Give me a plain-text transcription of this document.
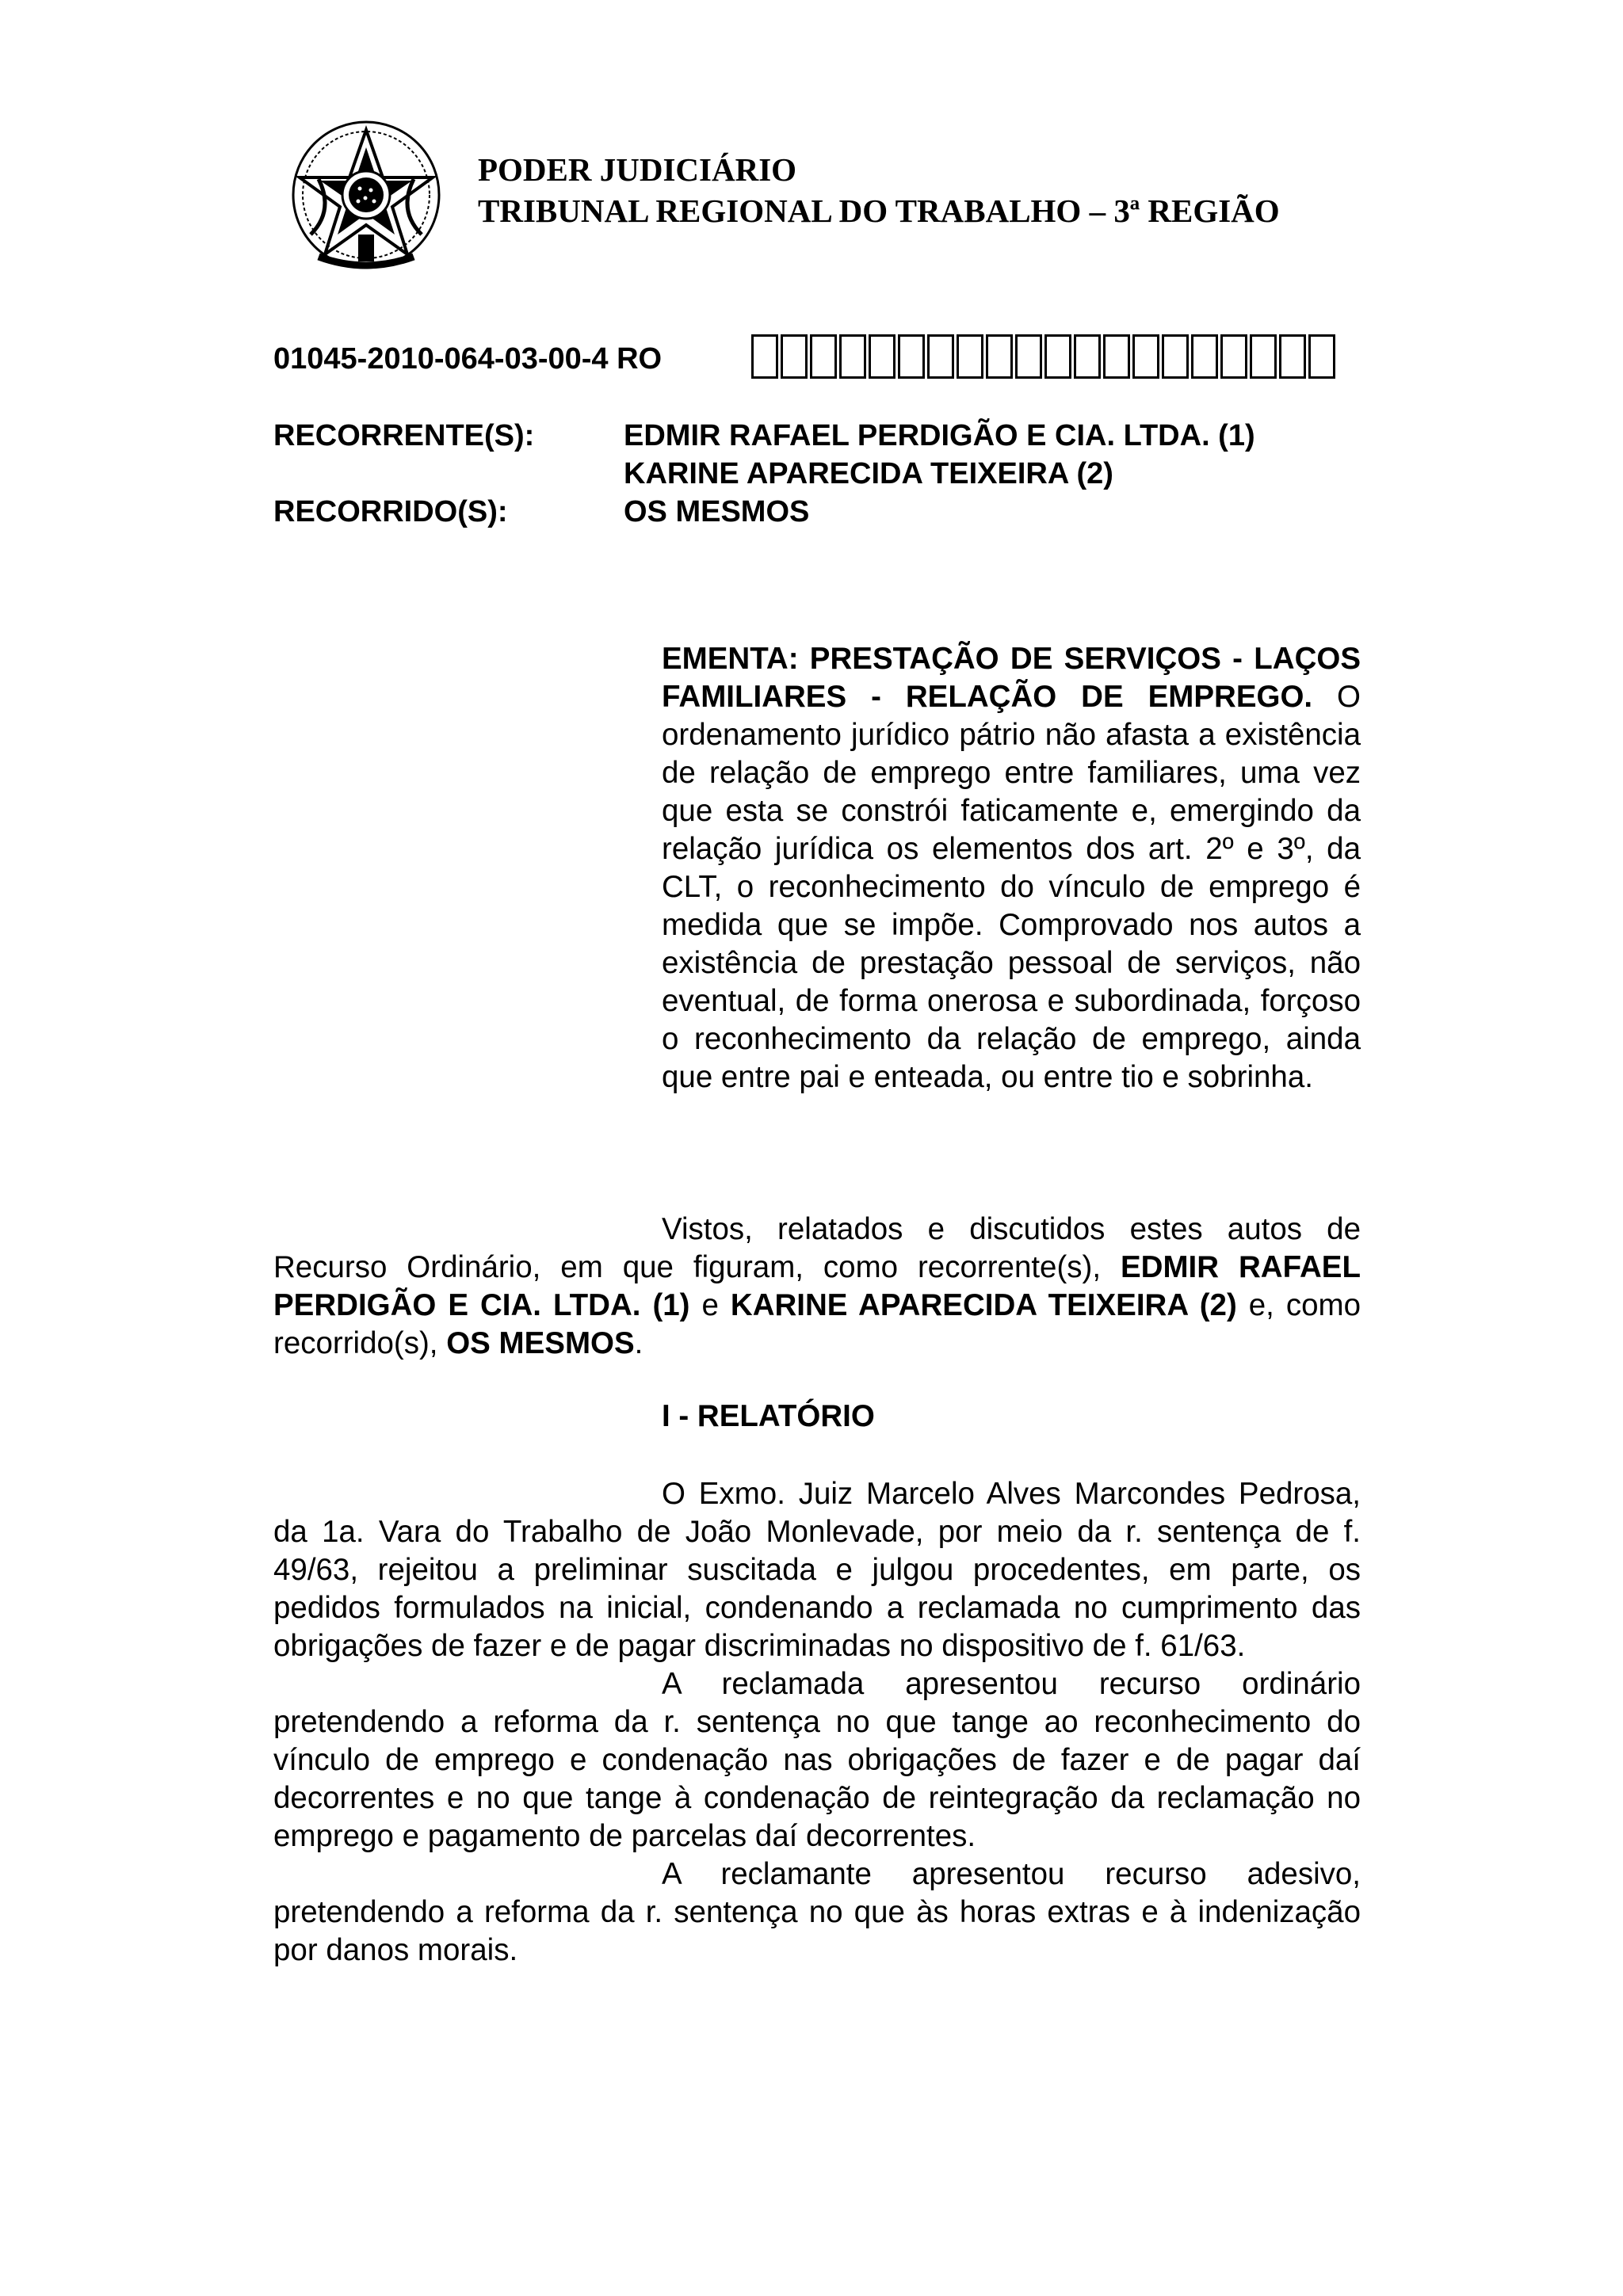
PODER JUDICIÁRIO
TRIBUNAL REGIONAL DO TRABALHO – 3ª REGIÃO
01045-2010-064-03-00-4 RO
RECORRENTE(S):	EDMIR RAFAEL PERDIGÃO E CIA. LTDA. (1)
KARINE APARECIDA TEIXEIRA (2)
RECORRIDO(S):	OS MESMOS
EMENTA: PRESTAÇÃO DE SERVIÇOS - LAÇOS FAMILIARES - RELAÇÃO DE EMPREGO. O ordenamento jurídico pátrio não afasta a existência de relação de emprego entre familiares, uma vez que esta se constrói faticamente e, emergindo da relação jurídica os elementos dos art. 2º e 3º, da CLT, o reconhecimento do vínculo de emprego é medida que se impõe. Comprovado nos autos a existência de prestação pessoal de serviços, não eventual, de forma onerosa e subordinada, forçoso o reconhecimento da relação de emprego, ainda que entre pai e enteada, ou entre tio e sobrinha.

Vistos, relatados e discutidos estes autos de Recurso Ordinário, em que figuram, como recorrente(s), EDMIR RAFAEL PERDIGÃO E CIA. LTDA. (1) e KARINE APARECIDA TEIXEIRA (2) e, como recorrido(s), OS MESMOS.

I - RELATÓRIO

O Exmo. Juiz Marcelo Alves Marcondes Pedrosa, da 1a. Vara do Trabalho de João Monlevade, por meio da r. sentença de f. 49/63, rejeitou a preliminar suscitada e julgou procedentes, em parte, os pedidos formulados na inicial, condenando a reclamada no cumprimento das obrigações de fazer e de pagar discriminadas no dispositivo de f. 61/63.

A reclamada apresentou recurso ordinário pretendendo a reforma da r. sentença no que tange ao reconhecimento do vínculo de emprego e condenação nas obrigações de fazer e de pagar daí decorrentes e no que tange à condenação de reintegração da reclamação no emprego e pagamento de parcelas daí decorrentes.

A reclamante apresentou recurso adesivo, pretendendo a reforma da r. sentença no que às horas extras e à indenização por danos morais.
